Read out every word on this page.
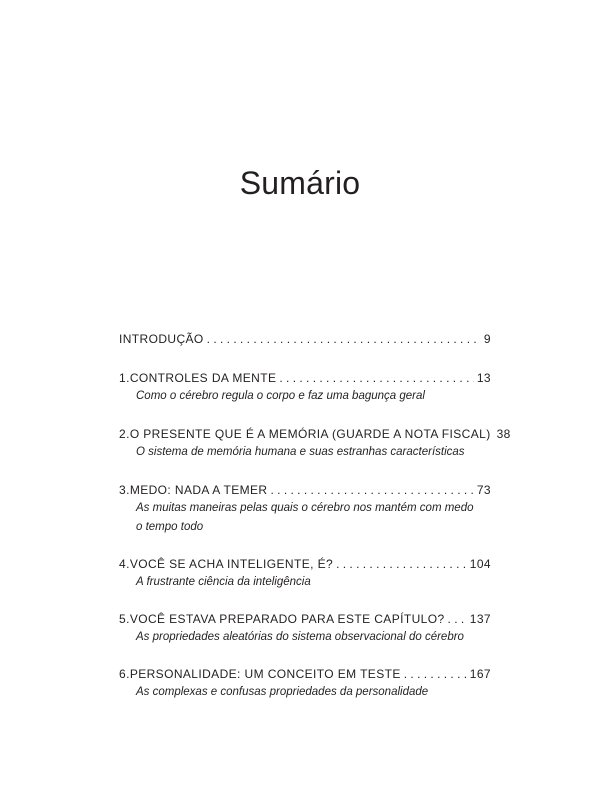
Sumário
INTRODUÇÃO . . .	9
1. CONTROLES DA MENTE . . .	13
Como o cérebro regula o corpo e faz uma bagunça geral
2. O PRESENTE QUE É A MEMÓRIA (GUARDE A NOTA FISCAL) 38
O sistema de memória humana e suas estranhas características
3. MEDO: NADA A TEMER . . .	73
As muitas maneiras pelas quais o cérebro nos mantém com medo
o tempo todo
4. VOCÊ SE ACHA INTELIGENTE, É? . . .	104
A frustrante ciência da inteligência
5. VOCÊ ESTAVA PREPARADO PARA ESTE CAPÍTULO? . . . 137
As propriedades aleatórias do sistema observacional do cérebro
6. PERSONALIDADE: UM CONCEITO EM TESTE . . .	167
As complexas e confusas propriedades da personalidade
